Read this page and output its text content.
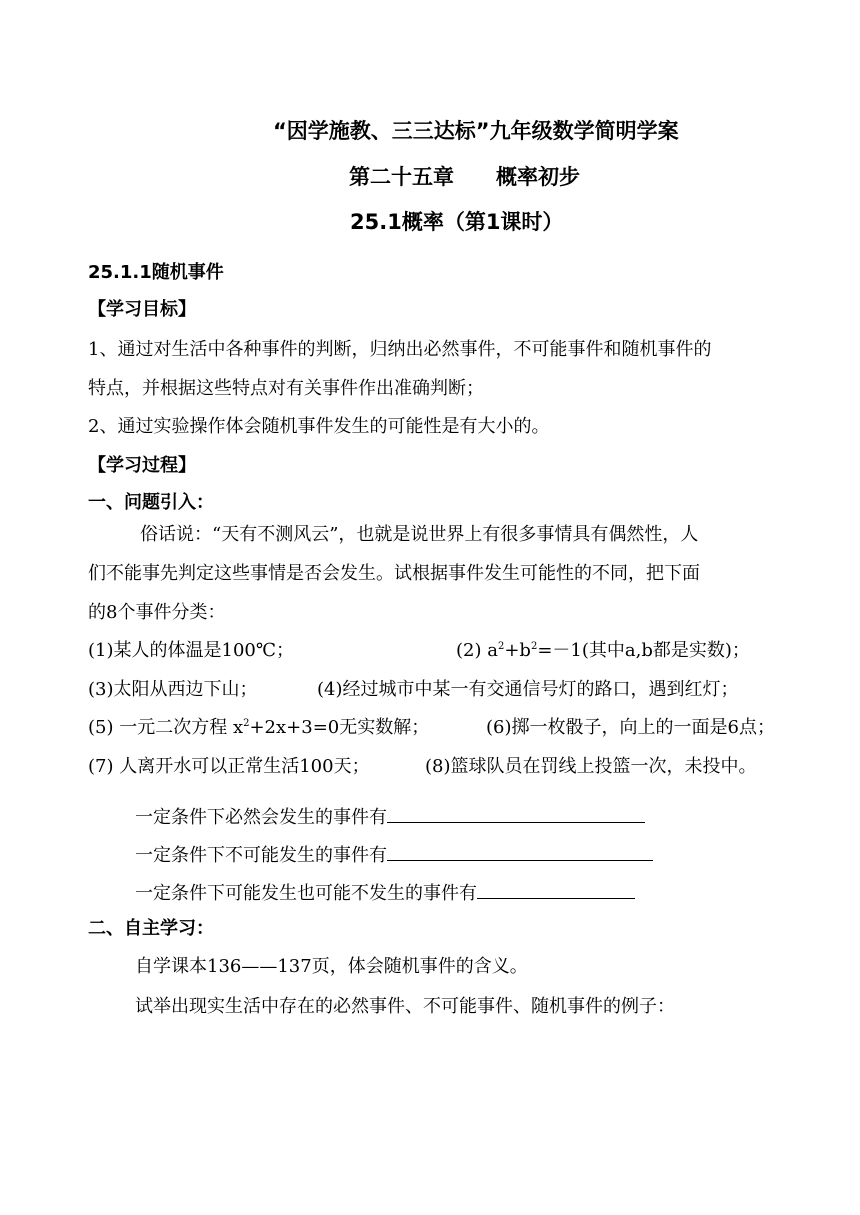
“因学施教、三三达标”九年级数学简明学案
第二十五章　　概率初步
25.1概率（第1课时）
25.1.1随机事件
【学习目标】
1、通过对生活中各种事件的判断，归纳出必然事件，不可能事件和随机事件的
特点，并根据这些特点对有关事件作出准确判断；
2、通过实验操作体会随机事件发生的可能性是有大小的。
【学习过程】
一、问题引入：
俗话说：“天有不测风云”，也就是说世界上有很多事情具有偶然性，人
们不能事先判定这些事情是否会发生。试根据事件发生可能性的不同，把下面
的8个事件分类：
(1)某人的体温是100℃；	(2) $a^2+b^2=-1$(其中a,b都是实数)；
(3)太阳从西边下山；	(4)经过城市中某一有交通信号灯的路口，遇到红灯；
(5) 一元二次方程 $x^2+2x+3=0$无实数解；	(6)掷一枚骰子，向上的一面是6点；
(7) 人离开水可以正常生活100天；	(8)篮球队员在罚线上投篮一次，未投中。
一定条件下必然会发生的事件有
一定条件下不可能发生的事件有
一定条件下可能发生也可能不发生的事件有
二、自主学习：
自学课本136——137页，体会随机事件的含义。
试举出现实生活中存在的必然事件、不可能事件、随机事件的例子：
